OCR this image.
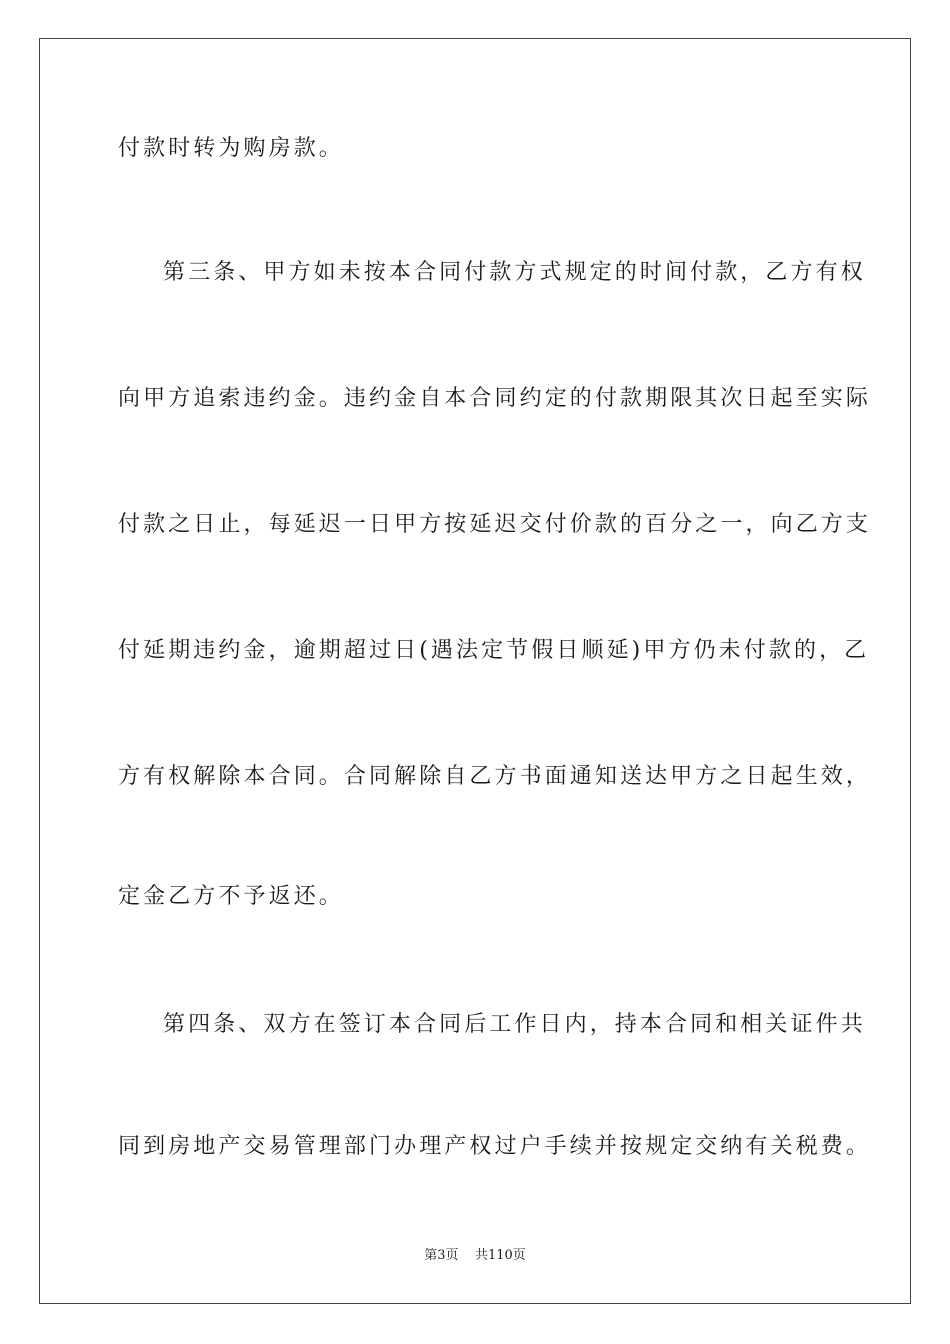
付款时转为购房款。
第三条、甲方如未按本合同付款方式规定的时间付款，乙方有权
向甲方追索违约金。违约金自本合同约定的付款期限其次日起至实际
付款之日止，每延迟一日甲方按延迟交付价款的百分之一，向乙方支
付延期违约金，逾期超过日(遇法定节假日顺延)甲方仍未付款的，乙
方有权解除本合同。合同解除自乙方书面通知送达甲方之日起生效，
定金乙方不予返还。
第四条、双方在签订本合同后工作日内，持本合同和相关证件共
同到房地产交易管理部门办理产权过户手续并按规定交纳有关税费。
第3页    共110页
